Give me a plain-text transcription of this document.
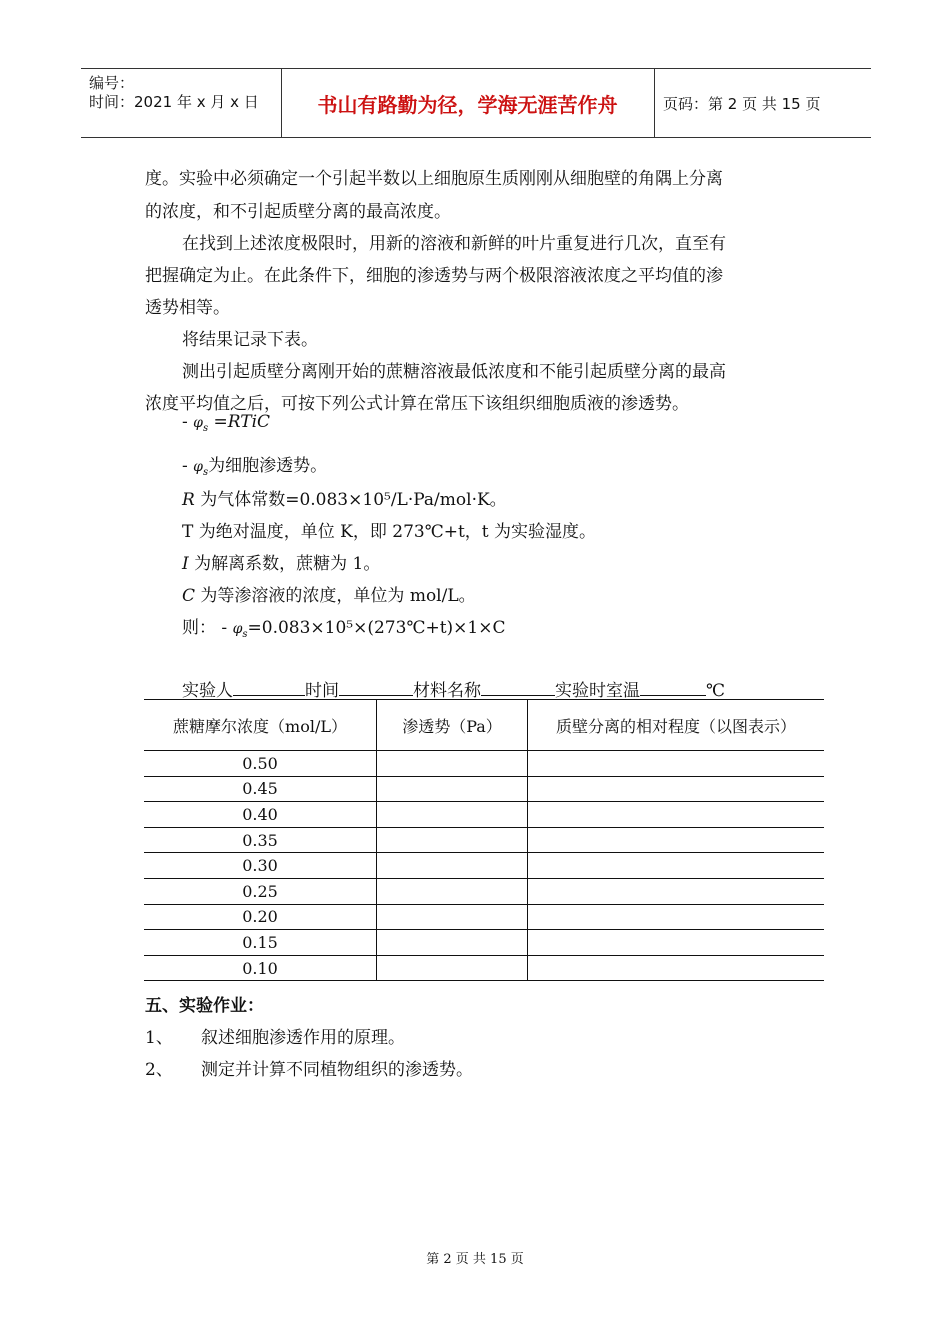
编号：
时间：2021 年 x 月 x 日	书山有路勤为径，学海无涯苦作舟	页码：第 2 页 共 15 页
度。实验中必须确定一个引起半数以上细胞原生质刚刚从细胞壁的角隅上分离
的浓度，和不引起质壁分离的最高浓度。
在找到上述浓度极限时，用新的溶液和新鲜的叶片重复进行几次，直至有
把握确定为止。在此条件下，细胞的渗透势与两个极限溶液浓度之平均值的渗
透势相等。
将结果记录下表。
测出引起质壁分离刚开始的蔗糖溶液最低浓度和不能引起质壁分离的最高
浓度平均值之后，可按下列公式计算在常压下该组织细胞质液的渗透势。
- $\varphi_s$ =RTiC
- $\varphi_s$为细胞渗透势。
R 为气体常数=0.083×10⁵/L·Pa/mol·K。
T 为绝对温度，单位 K，即 273℃+t，t 为实验湿度。
I 为解离系数，蔗糖为 1。
C 为等渗溶液的浓度，单位为 mol/L。
则： - $\varphi_s=0.083\times 10^5\times(273℃+t)\times 1\times C$
实验人	时间	材料名称	实验时室温	℃
蔗糖摩尔浓度（mol/L）	渗透势（Pa）	质壁分离的相对程度（以图表示）
0.50		
0.45		
0.40		
0.35		
0.30		
0.25		
0.20		
0.15		
0.10		
五、实验作业：
1、 叙述细胞渗透作用的原理。
2、 测定并计算不同植物组织的渗透势。
第 2 页 共 15 页
